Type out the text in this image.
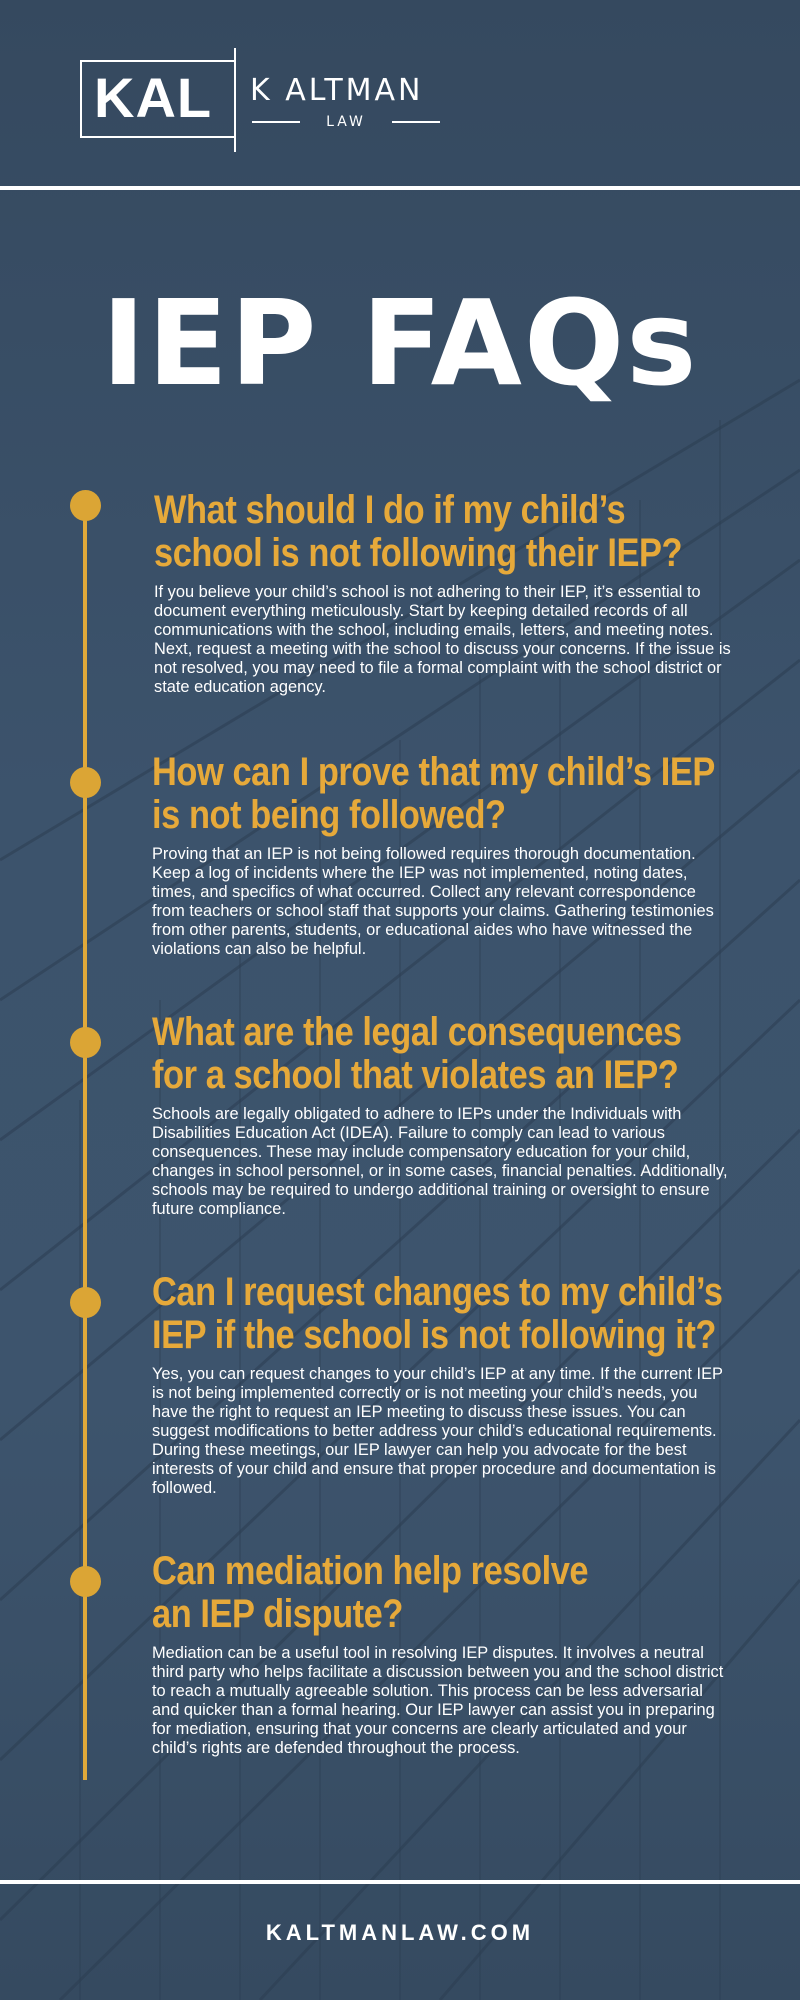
KAL K ALTMAN
LAW
IEP FAQs
What should I do if my child’s school is not following their IEP?

If you believe your child’s school is not adhering to their IEP, it’s essential to document everything meticulously. Start by keeping detailed records of all communications with the school, including emails, letters, and meeting notes. Next, request a meeting with the school to discuss your concerns. If the issue is not resolved, you may need to file a formal complaint with the school district or state education agency.

How can I prove that my child’s IEP is not being followed?

Proving that an IEP is not being followed requires thorough documentation. Keep a log of incidents where the IEP was not implemented, noting dates, times, and specifics of what occurred. Collect any relevant correspondence from teachers or school staff that supports your claims. Gathering testimonies from other parents, students, or educational aides who have witnessed the violations can also be helpful.

What are the legal consequences for a school that violates an IEP?

Schools are legally obligated to adhere to IEPs under the Individuals with Disabilities Education Act (IDEA). Failure to comply can lead to various consequences. These may include compensatory education for your child, changes in school personnel, or in some cases, financial penalties. Additionally, schools may be required to undergo additional training or oversight to ensure future compliance.

Can I request changes to my child’s IEP if the school is not following it?

Yes, you can request changes to your child’s IEP at any time. If the current IEP is not being implemented correctly or is not meeting your child’s needs, you have the right to request an IEP meeting to discuss these issues. You can suggest modifications to better address your child’s educational requirements. During these meetings, our IEP lawyer can help you advocate for the best interests of your child and ensure that proper procedure and documentation is followed.

Can mediation help resolve an IEP dispute?

Mediation can be a useful tool in resolving IEP disputes. It involves a neutral third party who helps facilitate a discussion between you and the school district to reach a mutually agreeable solution. This process can be less adversarial and quicker than a formal hearing. Our IEP lawyer can assist you in preparing for mediation, ensuring that your concerns are clearly articulated and your child’s rights are defended throughout the process.

KALTMANLAW.COM
